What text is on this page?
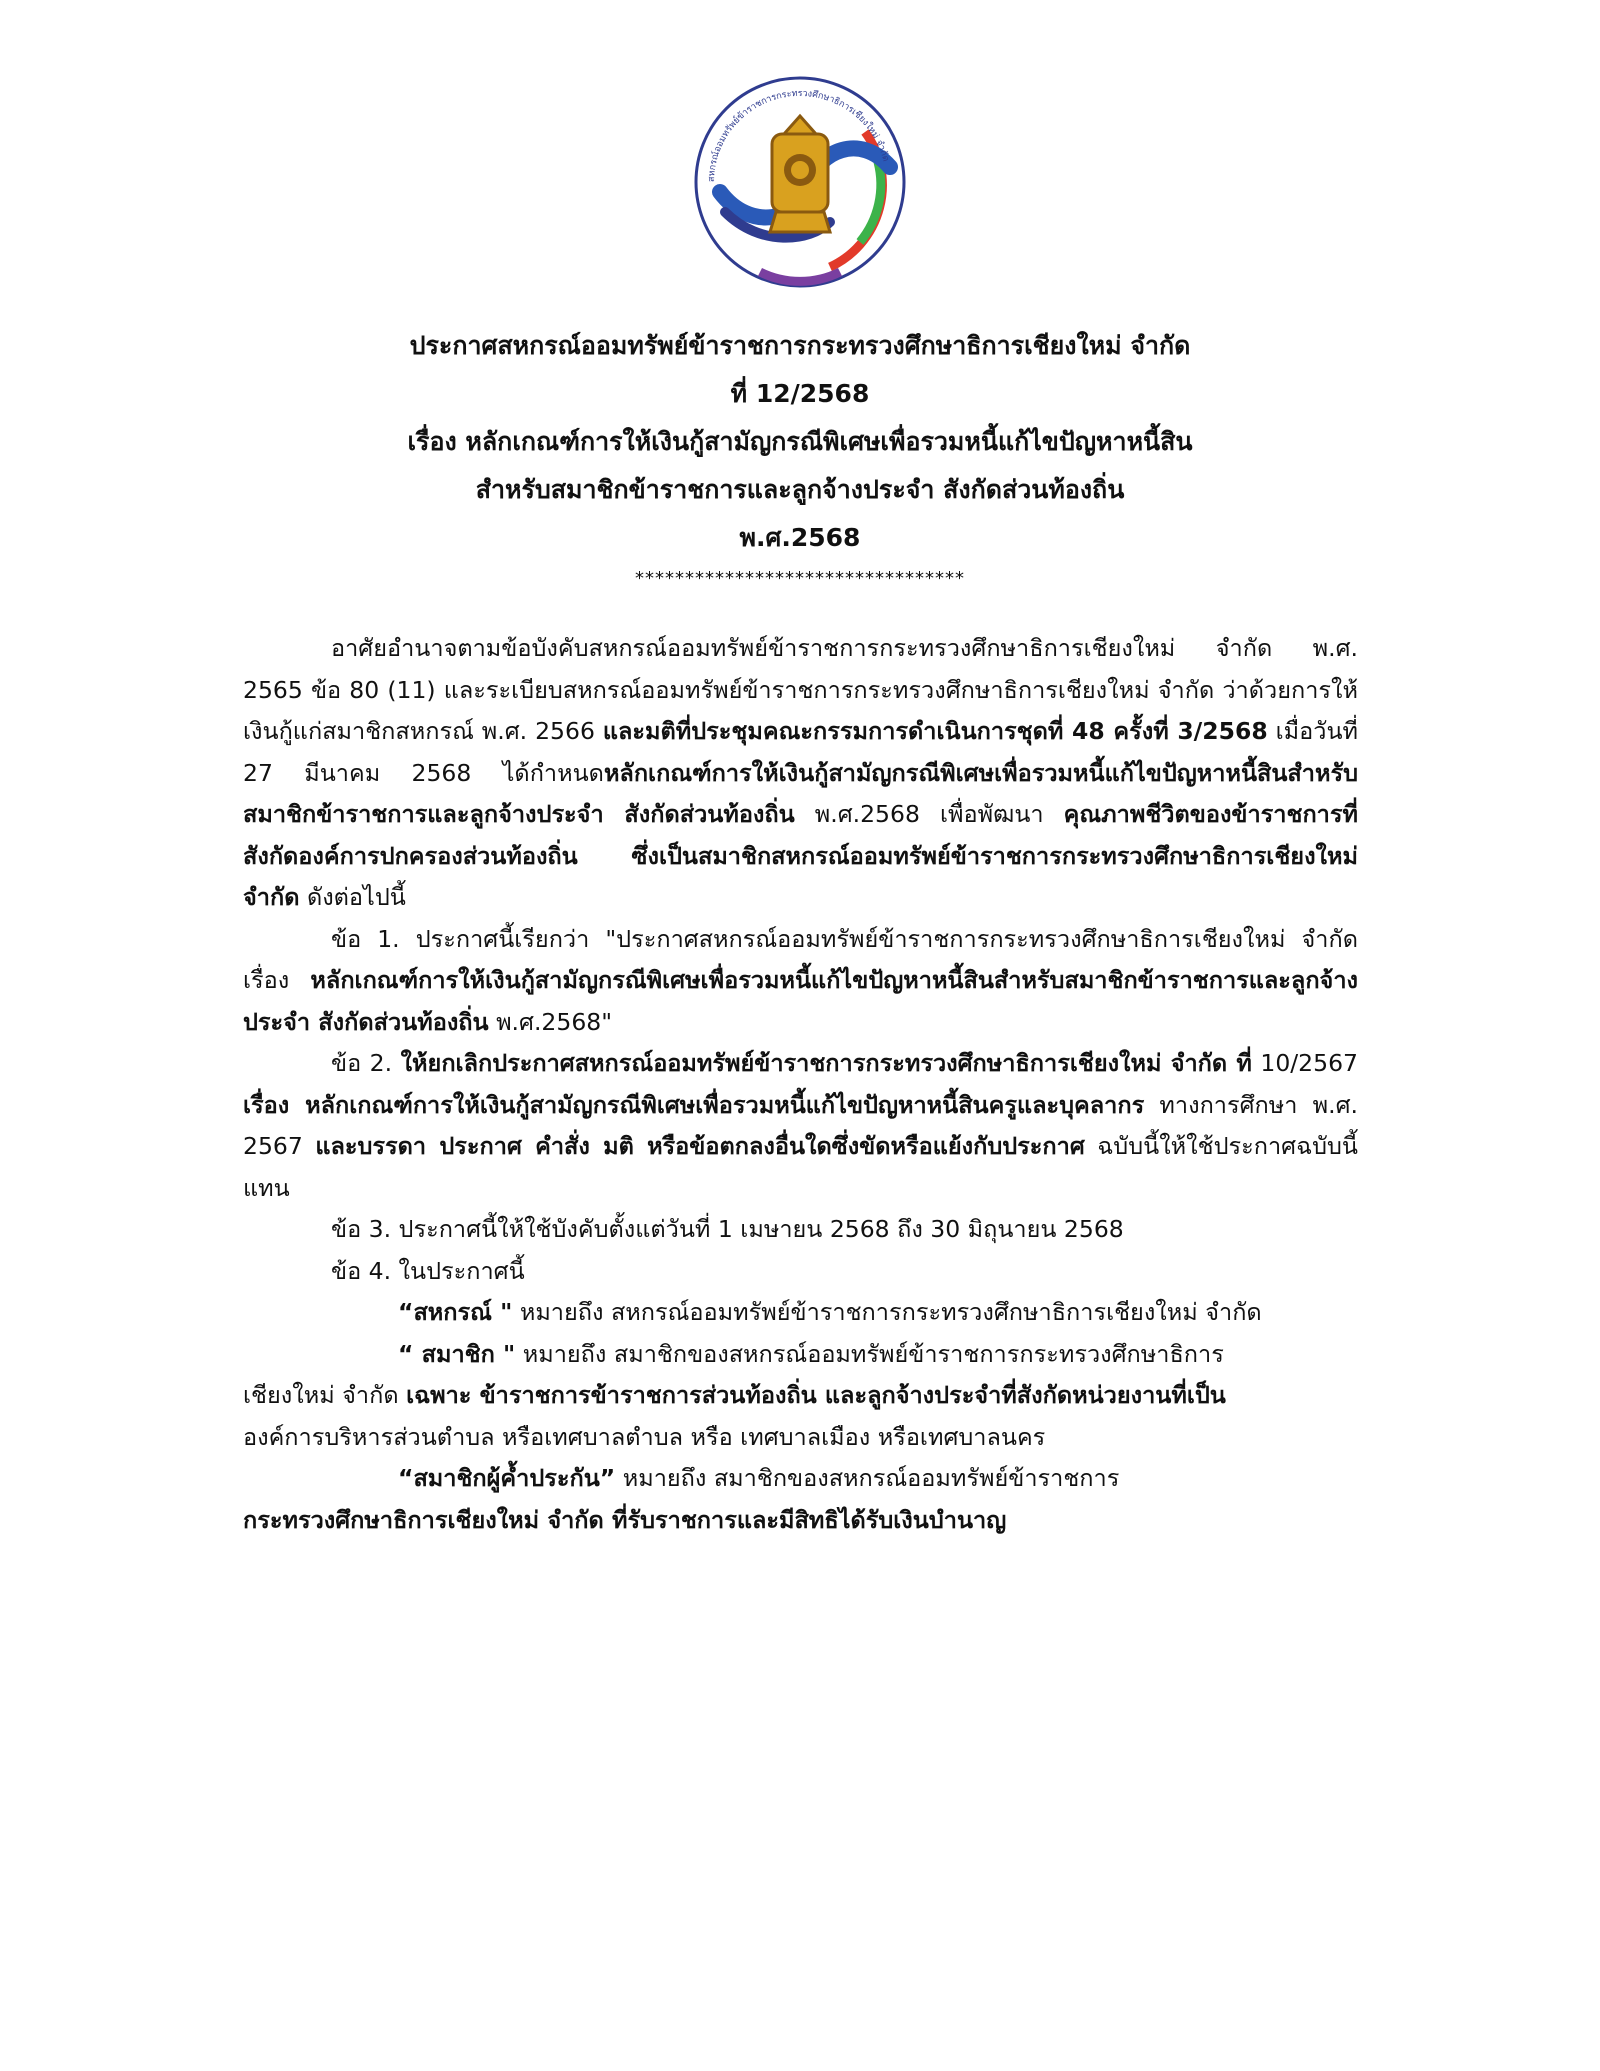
สหกรณ์ออมทรัพย์ข้าราชการกระทรวงศึกษาธิการเชียงใหม่ จำกัด
ประกาศสหกรณ์ออมทรัพย์ข้าราชการกระทรวงศึกษาธิการเชียงใหม่ จำกัด
ที่ 12/2568
เรื่อง หลักเกณฑ์การให้เงินกู้สามัญกรณีพิเศษเพื่อรวมหนี้แก้ไขปัญหาหนี้สิน
สำหรับสมาชิกข้าราชการและลูกจ้างประจำ สังกัดส่วนท้องถิ่น
พ.ศ.2568
*********************************

อาศัยอำนาจตามข้อบังคับสหกรณ์ออมทรัพย์ข้าราชการกระทรวงศึกษาธิการเชียงใหม่ จำกัด พ.ศ. 2565 ข้อ 80 (11) และระเบียบสหกรณ์ออมทรัพย์ข้าราชการกระทรวงศึกษาธิการเชียงใหม่ จำกัด ว่าด้วยการให้เงินกู้แก่สมาชิกสหกรณ์ พ.ศ. 2566 และมติที่ประชุมคณะกรรมการดำเนินการชุดที่ 48 ครั้งที่ 3/2568 เมื่อวันที่ 27 มีนาคม 2568 ได้กำหนดหลักเกณฑ์การให้เงินกู้สามัญกรณีพิเศษเพื่อรวมหนี้แก้ไขปัญหาหนี้สินสำหรับสมาชิกข้าราชการและลูกจ้างประจำ สังกัดส่วนท้องถิ่น พ.ศ.2568 เพื่อพัฒนา คุณภาพชีวิตของข้าราชการที่สังกัดองค์การปกครองส่วนท้องถิ่น ซึ่งเป็นสมาชิกสหกรณ์ออมทรัพย์ข้าราชการกระทรวงศึกษาธิการเชียงใหม่ จำกัด ดังต่อไปนี้

ข้อ 1. ประกาศนี้เรียกว่า "ประกาศสหกรณ์ออมทรัพย์ข้าราชการกระทรวงศึกษาธิการเชียงใหม่ จำกัด เรื่อง หลักเกณฑ์การให้เงินกู้สามัญกรณีพิเศษเพื่อรวมหนี้แก้ไขปัญหาหนี้สินสำหรับสมาชิกข้าราชการและลูกจ้างประจำ สังกัดส่วนท้องถิ่น พ.ศ.2568"

ข้อ 2. ให้ยกเลิกประกาศสหกรณ์ออมทรัพย์ข้าราชการกระทรวงศึกษาธิการเชียงใหม่ จำกัด ที่ 10/2567 เรื่อง หลักเกณฑ์การให้เงินกู้สามัญกรณีพิเศษเพื่อรวมหนี้แก้ไขปัญหาหนี้สินครูและบุคลากร ทางการศึกษา พ.ศ. 2567 และบรรดา ประกาศ คำสั่ง มติ หรือข้อตกลงอื่นใดซึ่งขัดหรือแย้งกับประกาศ ฉบับนี้ให้ใช้ประกาศฉบับนี้แทน

ข้อ 3. ประกาศนี้ให้ใช้บังคับตั้งแต่วันที่ 1 เมษายน 2568 ถึง 30 มิถุนายน 2568

ข้อ 4. ในประกาศนี้

“สหกรณ์ " หมายถึง สหกรณ์ออมทรัพย์ข้าราชการกระทรวงศึกษาธิการเชียงใหม่ จำกัด

“ สมาชิก " หมายถึง สมาชิกของสหกรณ์ออมทรัพย์ข้าราชการกระทรวงศึกษาธิการ

เชียงใหม่ จำกัด เฉพาะ ข้าราชการข้าราชการส่วนท้องถิ่น และลูกจ้างประจำที่สังกัดหน่วยงานที่เป็น

องค์การบริหารส่วนตำบล หรือเทศบาลตำบล หรือ เทศบาลเมือง หรือเทศบาลนคร

“สมาชิกผู้ค้ำประกัน” หมายถึง สมาชิกของสหกรณ์ออมทรัพย์ข้าราชการ

กระทรวงศึกษาธิการเชียงใหม่ จำกัด ที่รับราชการและมีสิทธิได้รับเงินบำนาญ
